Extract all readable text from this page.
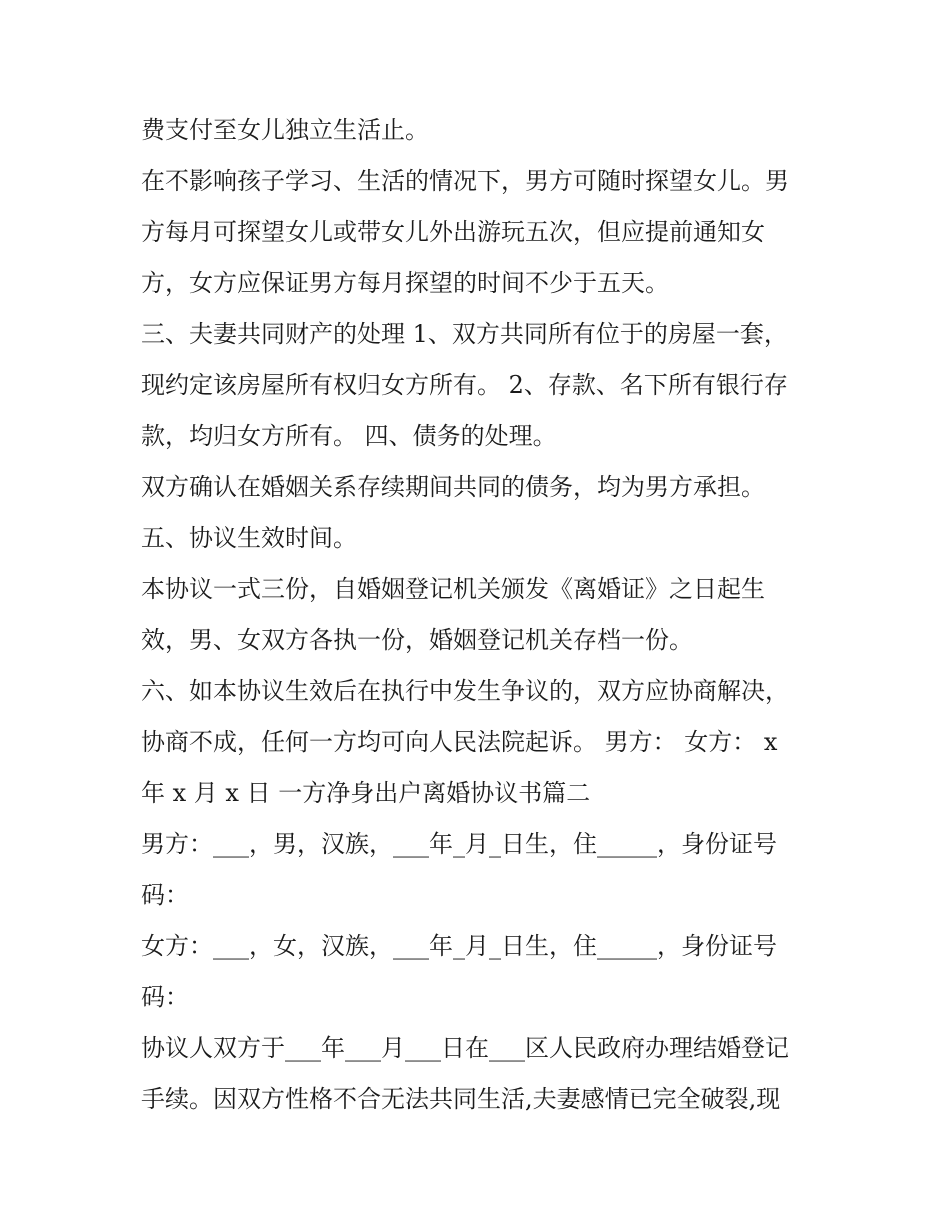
费支付至女儿独立生活止。
在不影响孩子学习、生活的情况下，男方可随时探望女儿。男
方每月可探望女儿或带女儿外出游玩五次，但应提前通知女
方，女方应保证男方每月探望的时间不少于五天。
三、夫妻共同财产的处理 1、双方共同所有位于的房屋一套，
现约定该房屋所有权归女方所有。 2、存款、名下所有银行存
款，均归女方所有。 四、债务的处理。
双方确认在婚姻关系存续期间共同的债务，均为男方承担。
五、协议生效时间。
本协议一式三份，自婚姻登记机关颁发《离婚证》之日起生
效，男、女双方各执一份，婚姻登记机关存档一份。
六、如本协议生效后在执行中发生争议的，双方应协商解决，
协商不成，任何一方均可向人民法院起诉。 男方： 女方： x
年 x 月 x 日 一方净身出户离婚协议书篇二
男方：___，男，汉族，___年_月_日生，住_____，身份证号
码：
女方：___，女，汉族，___年_月_日生，住_____，身份证号
码：
协议人双方于___年___月___日在___区人民政府办理结婚登记
手续。因双方性格不合无法共同生活,夫妻感情已完全破裂,现
